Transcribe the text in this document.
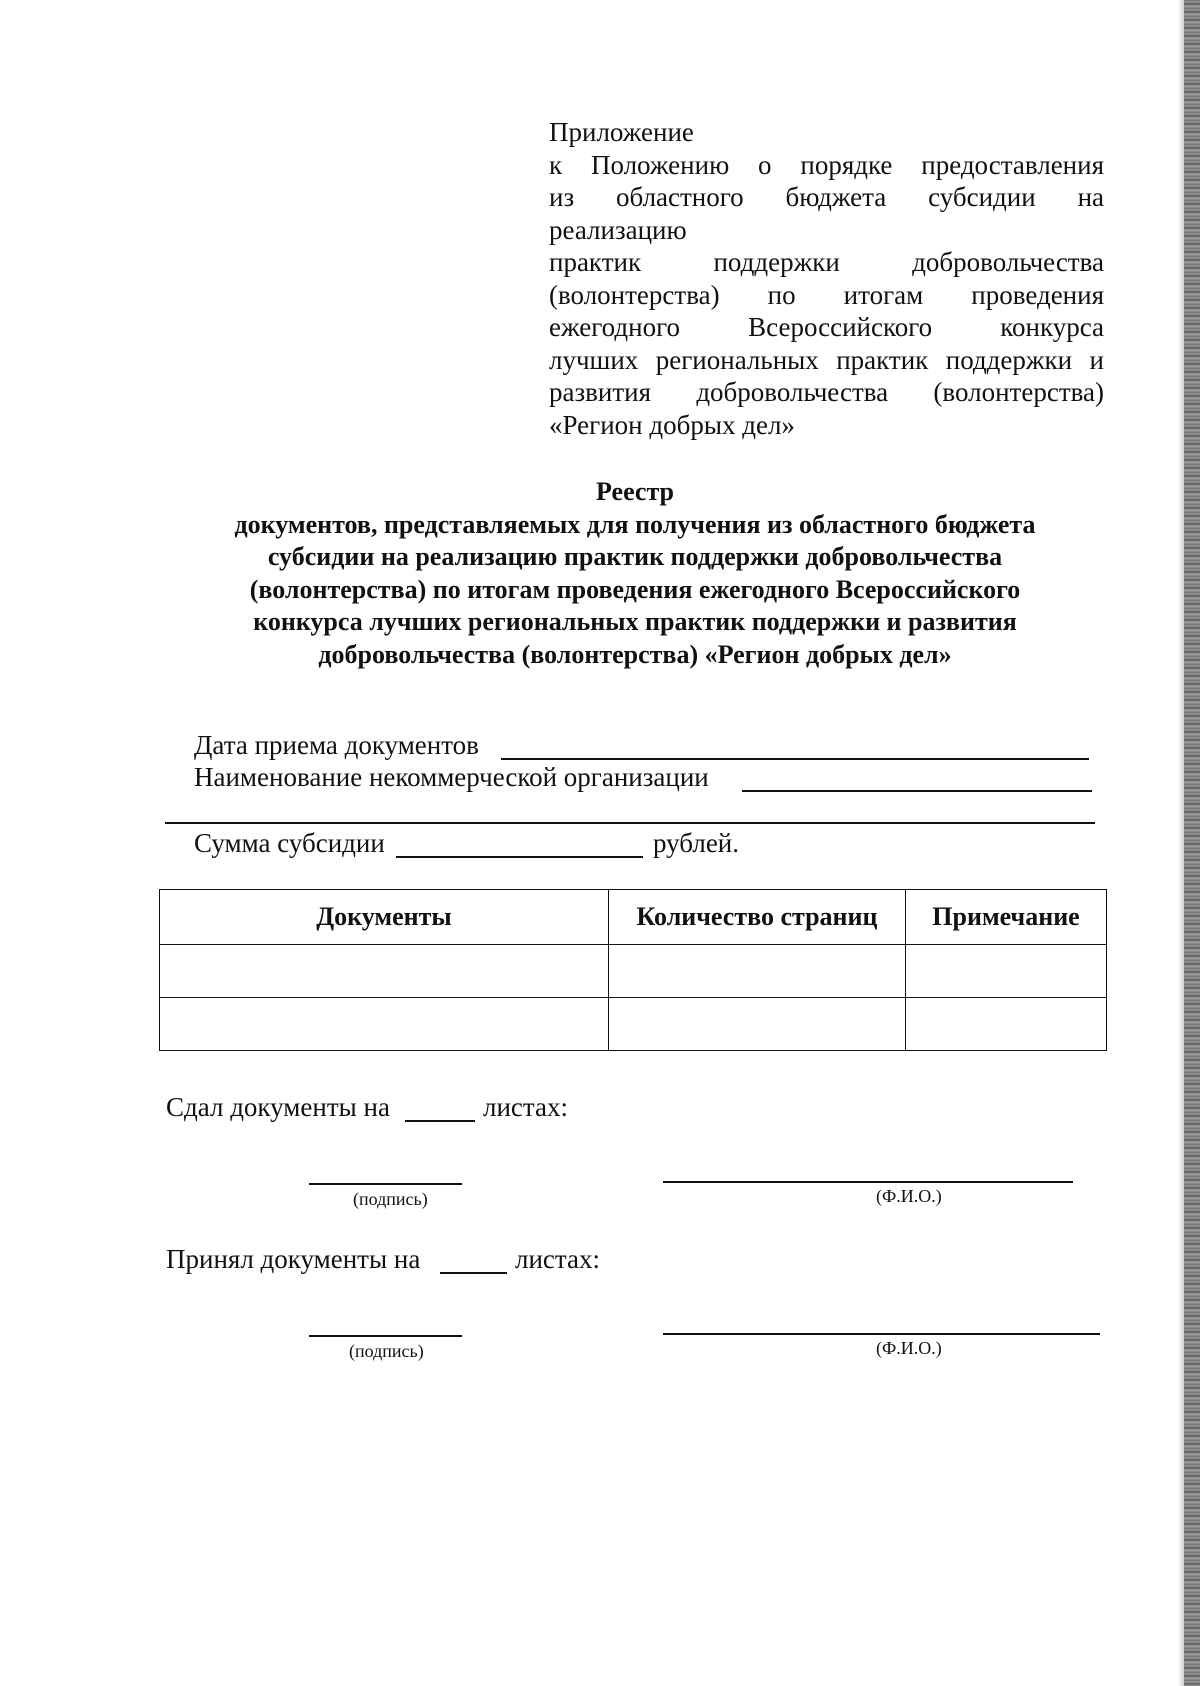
Приложение
к Положению о порядке предоставления
из областного бюджета субсидии на реализацию
практик поддержки добровольчества
(волонтерства) по итогам проведения
ежегодного Всероссийского конкурса
лучших региональных практик поддержки и
развития добровольчества (волонтерства)
«Регион добрых дел»
Реестр
документов, представляемых для получения из областного бюджета
субсидии на реализацию практик поддержки добровольчества
(волонтерства) по итогам проведения ежегодного Всероссийского
конкурса лучших региональных практик поддержки и развития
добровольчества (волонтерства) «Регион добрых дел»
Дата приема документов
Наименование некоммерческой организации
Сумма субсидии	рублей.
Документы	Количество страниц	Примечание

Сдал документы на	листах:
(подпись)	(Ф.И.О.)
Принял документы на	листах:
(подпись)	(Ф.И.О.)
